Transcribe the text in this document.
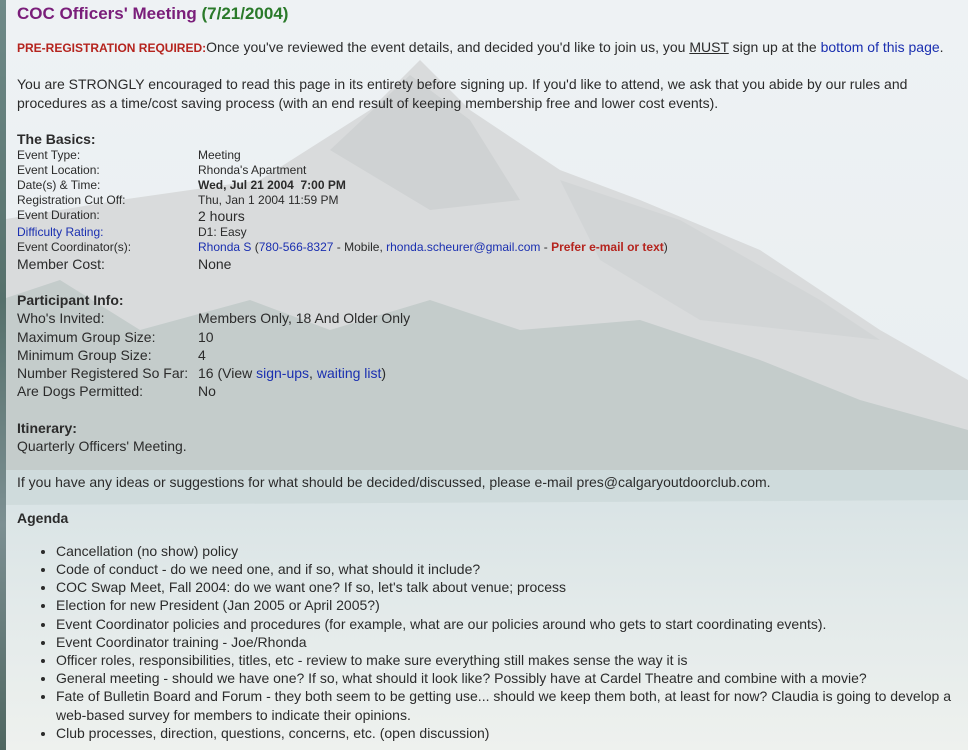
COC Officers' Meeting (7/21/2004)
PRE-REGISTRATION REQUIRED:Once you've reviewed the event details, and decided you'd like to join us, you MUST sign up at the bottom of this page.
You are STRONGLY encouraged to read this page in its entirety before signing up. If you'd like to attend, we ask that you abide by our rules and procedures as a time/cost saving process (with an end result of keeping membership free and lower cost events).
The Basics:
Event Type:	Meeting
Event Location:	Rhonda's Apartment
Date(s) & Time:	Wed, Jul 21 2004  7:00 PM
Registration Cut Off:	Thu, Jan 1 2004 11:59 PM
Event Duration:	2 hours
Difficulty Rating:	D1: Easy
Event Coordinator(s):	Rhonda S (780-566-8327 - Mobile, rhonda.scheurer@gmail.com - Prefer e-mail or text)
Member Cost:	None
Participant Info:
Who's Invited:	Members Only, 18 And Older Only
Maximum Group Size:	10
Minimum Group Size:	4
Number Registered So Far: 16 (View sign-ups, waiting list)
Are Dogs Permitted:	No
Itinerary:
Quarterly Officers' Meeting.
If you have any ideas or suggestions for what should be decided/discussed, please e-mail pres@calgaryoutdoorclub.com.
Agenda
• Cancellation (no show) policy
• Code of conduct - do we need one, and if so, what should it include?
• COC Swap Meet, Fall 2004: do we want one? If so, let's talk about venue; process
• Election for new President (Jan 2005 or April 2005?)
• Event Coordinator policies and procedures (for example, what are our policies around who gets to start coordinating events).
• Event Coordinator training - Joe/Rhonda
• Officer roles, responsibilities, titles, etc - review to make sure everything still makes sense the way it is
• General meeting - should we have one? If so, what should it look like? Possibly have at Cardel Theatre and combine with a movie?
• Fate of Bulletin Board and Forum - they both seem to be getting use... should we keep them both, at least for now? Claudia is going to develop a web-based survey for members to indicate their opinions.
• Club processes, direction, questions, concerns, etc. (open discussion)
